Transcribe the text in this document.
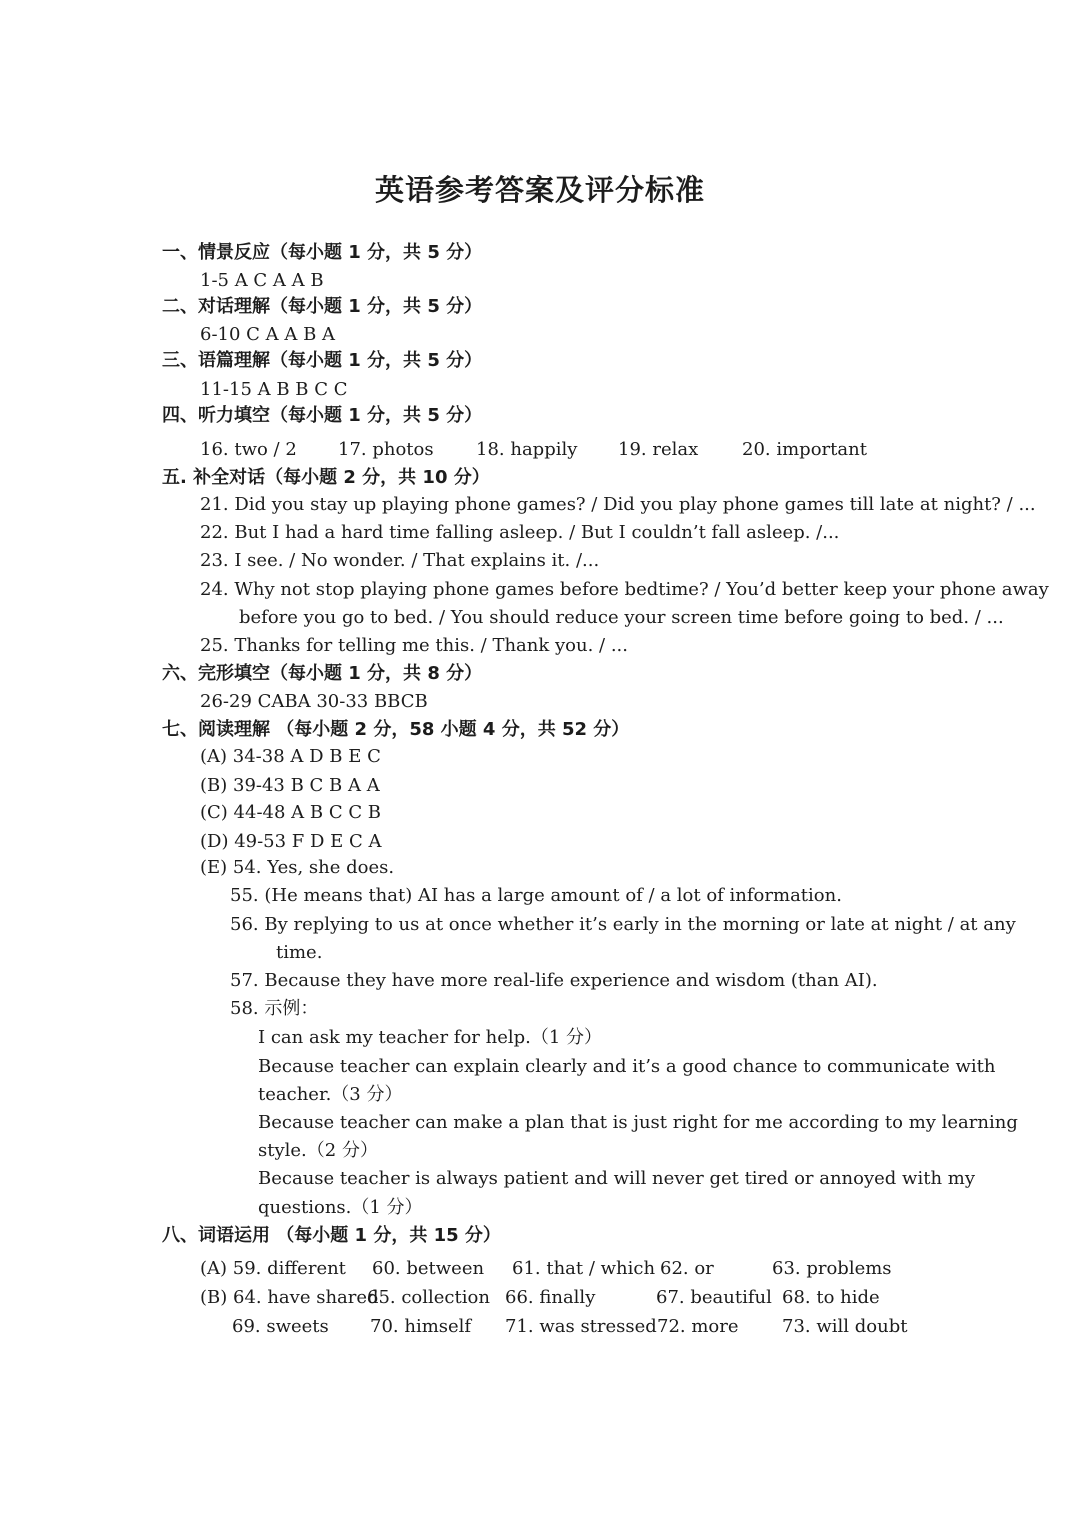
英语参考答案及评分标准
一、情景反应（每小题 1 分，共 5 分）
1-5 A C A A B
二、对话理解（每小题 1 分，共 5 分）
6-10 C A A B A
三、语篇理解（每小题 1 分，共 5 分）
11-15 A B B C C
四、听力填空（每小题 1 分，共 5 分）
16. two / 2 17. photos 18. happily 19. relax 20. important
五. 补全对话（每小题 2 分，共 10 分）
21. Did you stay up playing phone games? / Did you play phone games till late at night? / ...
22. But I had a hard time falling asleep. / But I couldn’t fall asleep. /...
23. I see. / No wonder. / That explains it. /...
24. Why not stop playing phone games before bedtime? / You’d better keep your phone away
before you go to bed. / You should reduce your screen time before going to bed. / ...
25. Thanks for telling me this. / Thank you. / ...
六、完形填空（每小题 1 分，共 8 分）
26-29 CABA 30-33 BBCB
七、阅读理解 （每小题 2 分，58 小题 4 分，共 52 分）
(A) 34-38 A D B E C
(B) 39-43 B C B A A
(C) 44-48 A B C C B
(D) 49-53 F D E C A
(E) 54. Yes, she does.
55. (He means that) AI has a large amount of / a lot of information.
56. By replying to us at once whether it’s early in the morning or late at night / at any
time.
57. Because they have more real-life experience and wisdom (than AI).
58. 示例：
I can ask my teacher for help.（1 分）
Because teacher can explain clearly and it’s a good chance to communicate with
teacher.（3 分）
Because teacher can make a plan that is just right for me according to my learning
style.（2 分）
Because teacher is always patient and will never get tired or annoyed with my
questions.（1 分）
八、词语运用 （每小题 1 分，共 15 分）
(A) 59. different 60. between 61. that / which 62. or	63. problems
(B) 64. have shared
65. collection 66. finally	67. beautiful 68. to hide
69. sweets 70. himself 71. was stressed 72. more 73. will doubt
